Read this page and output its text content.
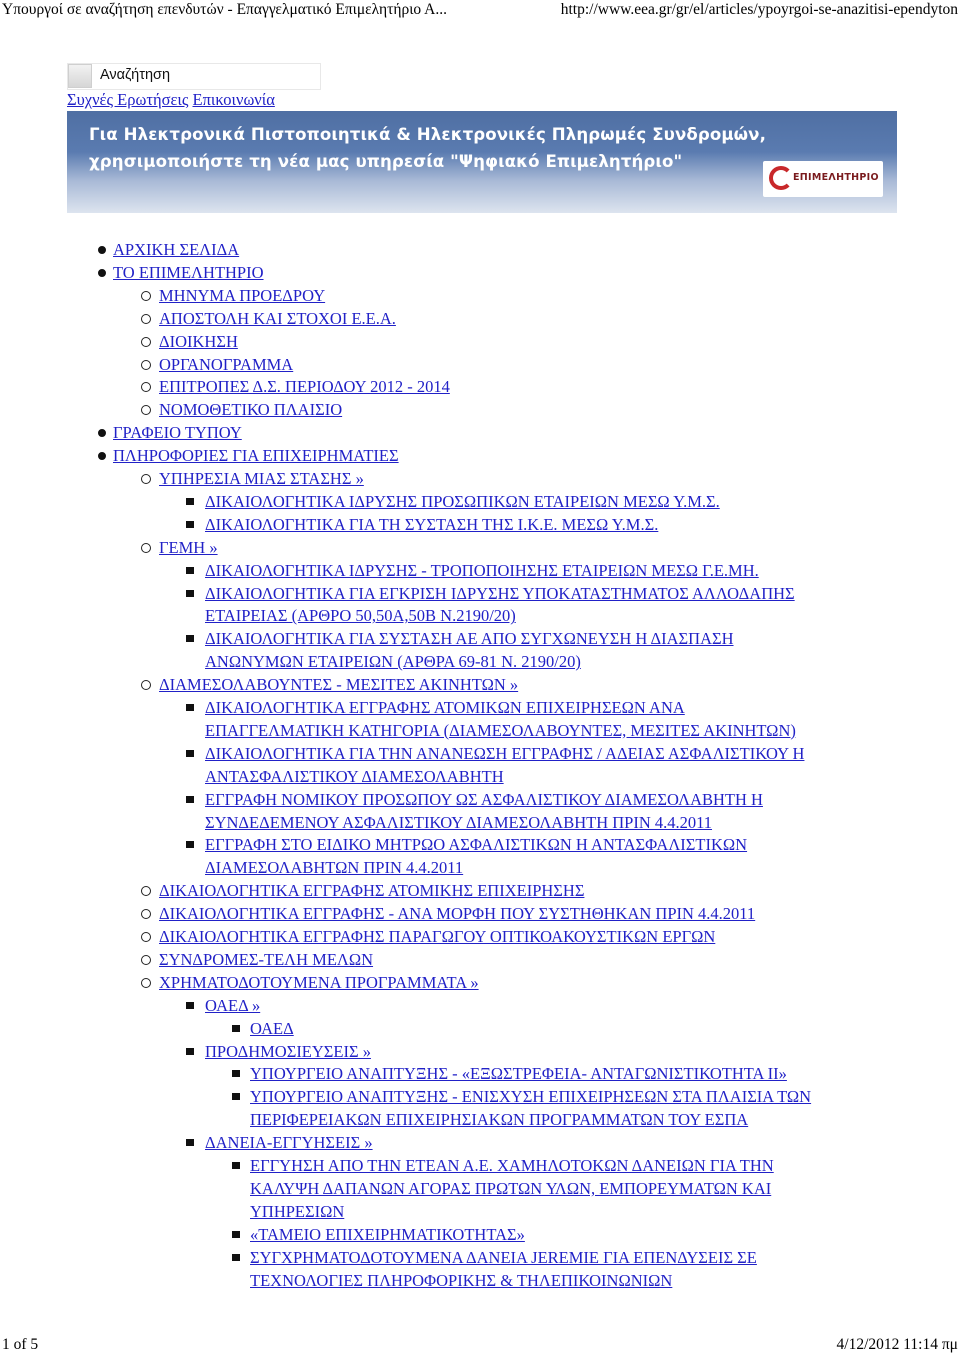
Υπουργοί σε αναζήτηση επενδυτών - Επαγγελματικό Επιμελητήριο Α...	http://www.eea.gr/gr/el/articles/ypoyrgoi-se-anazitisi-ependyton
Αναζήτηση
Συχνές Ερωτήσεις Επικοινωνία
Για Ηλεκτρονικά Πιστοποιητικά & Ηλεκτρονικές Πληρωμές Συνδρομών,
χρησιμοποιήστε τη νέα μας υπηρεσία "Ψηφιακό Επιμελητήριο"
ΕΠΙΜΕΛΗΤΗΡΙΟ
ΑΡΧΙΚΗ ΣΕΛΙΔΑ
ΤΟ ΕΠΙΜΕΛΗΤΗΡΙΟ
ΜΗΝΥΜΑ ΠΡΟΕΔΡΟΥ
ΑΠΟΣΤΟΛΗ ΚΑΙ ΣΤΟΧΟΙ Ε.Ε.Α.
ΔΙΟΙΚΗΣΗ
ΟΡΓΑΝΟΓΡΑΜΜΑ
ΕΠΙΤΡΟΠΕΣ Δ.Σ. ΠΕΡΙΟΔΟΥ 2012 - 2014
ΝΟΜΟΘΕΤΙΚΟ ΠΛΑΙΣΙΟ
ΓΡΑΦΕΙΟ ΤΥΠΟΥ
ΠΛΗΡΟΦΟΡΙΕΣ ΓΙΑ ΕΠΙΧΕΙΡΗΜΑΤΙΕΣ
ΥΠΗΡΕΣΙΑ ΜΙΑΣ ΣΤΑΣΗΣ »
ΔΙΚΑΙΟΛΟΓΗΤΙΚΑ ΙΔΡΥΣΗΣ ΠΡΟΣΩΠΙΚΩΝ ΕΤΑΙΡΕΙΩΝ ΜΕΣΩ Υ.Μ.Σ.
ΔΙΚΑΙΟΛΟΓΗΤΙΚΑ ΓΙΑ ΤΗ ΣΥΣΤΑΣΗ ΤΗΣ Ι.Κ.Ε. ΜΕΣΩ Υ.Μ.Σ.
ΓΕΜΗ »
ΔΙΚΑΙΟΛΟΓΗΤΙΚΑ ΙΔΡΥΣΗΣ - ΤΡΟΠΟΠΟΙΗΣΗΣ ΕΤΑΙΡΕΙΩΝ ΜΕΣΩ Γ.Ε.ΜΗ.
ΔΙΚΑΙΟΛΟΓΗΤΙΚΑ ΓΙΑ ΕΓΚΡΙΣΗ ΙΔΡΥΣΗΣ ΥΠΟΚΑΤΑΣΤΗΜΑΤΟΣ ΑΛΛΟΔΑΠΗΣ
ΕΤΑΙΡΕΙΑΣ (ΑΡΘΡΟ 50,50Α,50Β Ν.2190/20)
ΔΙΚΑΙΟΛΟΓΗΤΙΚΑ ΓΙΑ ΣΥΣΤΑΣΗ ΑΕ ΑΠΟ ΣΥΓΧΩΝΕΥΣΗ Η ΔΙΑΣΠΑΣΗ
ΑΝΩΝΥΜΩΝ ΕΤΑΙΡΕΙΩΝ (ΑΡΘΡΑ 69-81 Ν. 2190/20)
ΔΙΑΜΕΣΟΛΑΒΟΥΝΤΕΣ - ΜΕΣΙΤΕΣ ΑΚΙΝΗΤΩΝ »
ΔΙΚΑΙΟΛΟΓΗΤΙΚΑ ΕΓΓΡΑΦΗΣ ΑΤΟΜΙΚΩΝ ΕΠΙΧΕΙΡΗΣΕΩΝ ΑΝΑ
ΕΠΑΓΓΕΛΜΑΤΙΚΗ ΚΑΤΗΓΟΡΙΑ (ΔΙΑΜΕΣΟΛΑΒΟΥΝΤΕΣ, ΜΕΣΙΤΕΣ ΑΚΙΝΗΤΩΝ)
ΔΙΚΑΙΟΛΟΓΗΤΙΚΑ ΓΙΑ ΤΗΝ ΑΝΑΝΕΩΣΗ ΕΓΓΡΑΦΗΣ / ΑΔΕΙΑΣ ΑΣΦΑΛΙΣΤΙΚΟΥ Η
ΑΝΤΑΣΦΑΛΙΣΤΙΚΟΥ ΔΙΑΜΕΣΟΛΑΒΗΤΗ
ΕΓΓΡΑΦΗ ΝΟΜΙΚΟΥ ΠΡΟΣΩΠΟΥ ΩΣ ΑΣΦΑΛΙΣΤΙΚΟΥ ΔΙΑΜΕΣΟΛΑΒΗΤΗ Η
ΣΥΝΔΕΔΕΜΕΝΟΥ ΑΣΦΑΛΙΣΤΙΚΟΥ ΔΙΑΜΕΣΟΛΑΒΗΤΗ ΠΡΙΝ 4.4.2011
ΕΓΓΡΑΦΗ ΣΤΟ ΕΙΔΙΚΟ ΜΗΤΡΩΟ ΑΣΦΑΛΙΣΤΙΚΩΝ Η ΑΝΤΑΣΦΑΛΙΣΤΙΚΩΝ
ΔΙΑΜΕΣΟΛΑΒΗΤΩΝ ΠΡΙΝ 4.4.2011
ΔΙΚΑΙΟΛΟΓΗΤΙΚΑ ΕΓΓΡΑΦΗΣ ΑΤΟΜΙΚΗΣ ΕΠΙΧΕΙΡΗΣΗΣ
ΔΙΚΑΙΟΛΟΓΗΤΙΚΑ ΕΓΓΡΑΦΗΣ - ΑΝΑ ΜΟΡΦΗ ΠΟΥ ΣΥΣΤΗΘΗΚΑΝ ΠΡΙΝ 4.4.2011
ΔΙΚΑΙΟΛΟΓΗΤΙΚΑ ΕΓΓΡΑΦΗΣ ΠΑΡΑΓΩΓΟΥ ΟΠΤΙΚΟΑΚΟΥΣΤΙΚΩΝ ΕΡΓΩΝ
ΣΥΝΔΡΟΜΕΣ-ΤΕΛΗ ΜΕΛΩΝ
ΧΡΗΜΑΤΟΔΟΤΟΥΜΕΝΑ ΠΡΟΓΡΑΜΜΑΤΑ »
ΟΑΕΔ »
ΟΑΕΔ
ΠΡΟΔΗΜΟΣΙΕΥΣΕΙΣ »
ΥΠΟΥΡΓΕΙΟ ΑΝΑΠΤΥΞΗΣ - «ΕΞΩΣΤΡΕΦΕΙΑ- ΑΝΤΑΓΩΝΙΣΤΙΚΟΤΗΤΑ ΙΙ»
ΥΠΟΥΡΓΕΙΟ ΑΝΑΠΤΥΞΗΣ - ΕΝΙΣΧΥΣΗ ΕΠΙΧΕΙΡΗΣΕΩΝ ΣΤΑ ΠΛΑΙΣΙΑ ΤΩΝ
ΠΕΡΙΦΕΡΕΙΑΚΩΝ ΕΠΙΧΕΙΡΗΣΙΑΚΩΝ ΠΡΟΓΡΑΜΜΑΤΩΝ ΤΟΥ ΕΣΠΑ
ΔΑΝΕΙΑ-ΕΓΓΥΗΣΕΙΣ »
ΕΓΓΥΗΣΗ ΑΠΟ ΤΗΝ ΕΤΕΑΝ Α.Ε. ΧΑΜΗΛΟΤΟΚΩΝ ΔΑΝΕΙΩΝ ΓΙΑ ΤΗΝ
ΚΑΛΥΨΗ ΔΑΠΑΝΩΝ ΑΓΟΡΑΣ ΠΡΩΤΩΝ ΥΛΩΝ, ΕΜΠΟΡΕΥΜΑΤΩΝ ΚΑΙ
ΥΠΗΡΕΣΙΩΝ
«ΤΑΜΕΙΟ ΕΠΙΧΕΙΡΗΜΑΤΙΚΟΤΗΤΑΣ»
ΣΥΓΧΡΗΜΑΤΟΔΟΤΟΥΜΕΝΑ ΔΑΝΕΙΑ JEREMIE ΓΙΑ ΕΠΕΝΔΥΣΕΙΣ ΣΕ
ΤΕΧΝΟΛΟΓΙΕΣ ΠΛΗΡΟΦΟΡΙΚΗΣ & ΤΗΛΕΠΙΚΟΙΝΩΝΙΩΝ
1 of 5	4/12/2012 11:14 πμ
